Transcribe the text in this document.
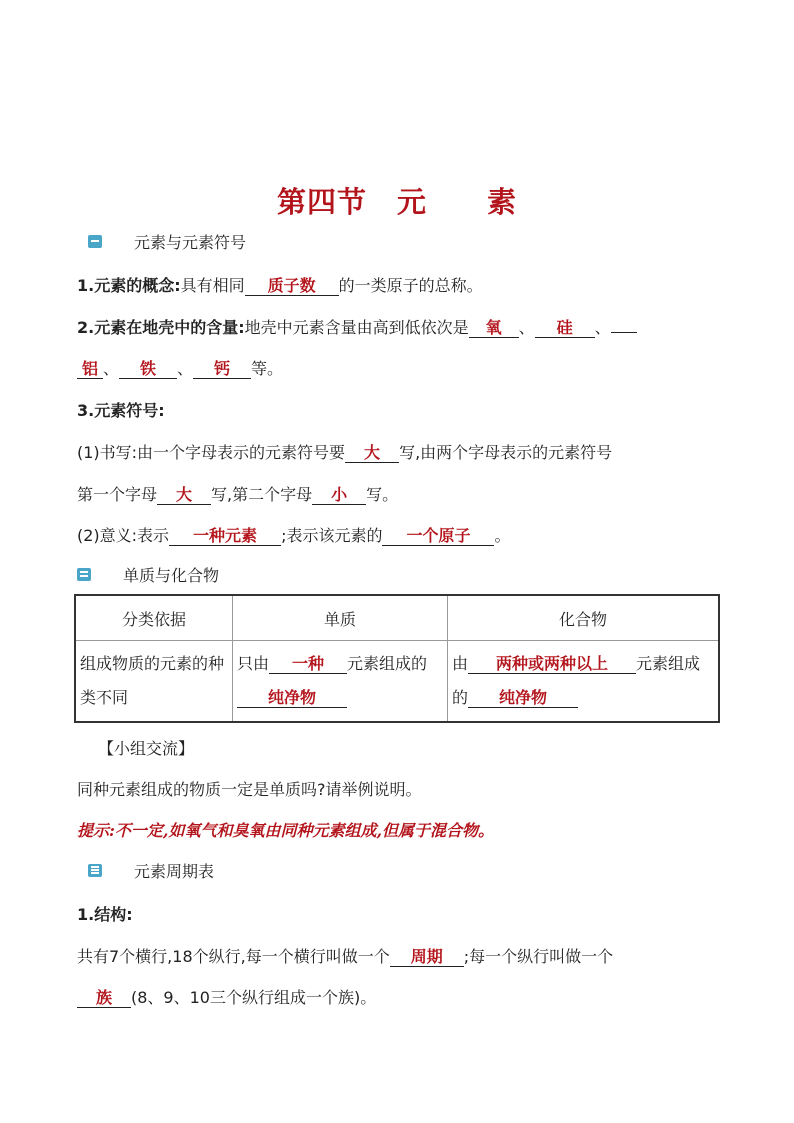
第四节 元 素
元素与元素符号
1.元素的概念:具有相同 质子数 的一类原子的总称。
2.元素在地壳中的含量:地壳中元素含量由高到低依次是 氧 、 硅 、
铝 、 铁 、 钙 等。
3.元素符号:
(1)书写:由一个字母表示的元素符号要 大 写,由两个字母表示的元素符号
第一个字母 大 写,第二个字母 小 写。
(2)意义:表示 一种元素 ;表示该元素的 一个原子 。
单质与化合物
分类依据	单质	化合物
组成物质的元素的种类不同	只由 一种 元素组成的纯净物	由 两种或两种以上 元素组成的 纯净物
【小组交流】
同种元素组成的物质一定是单质吗?请举例说明。
提示:不一定,如氧气和臭氧由同种元素组成,但属于混合物。
元素周期表
1.结构:
共有7个横行,18个纵行,每一个横行叫做一个 周期 ;每一个纵行叫做一个
族 (8、9、10三个纵行组成一个族)。
